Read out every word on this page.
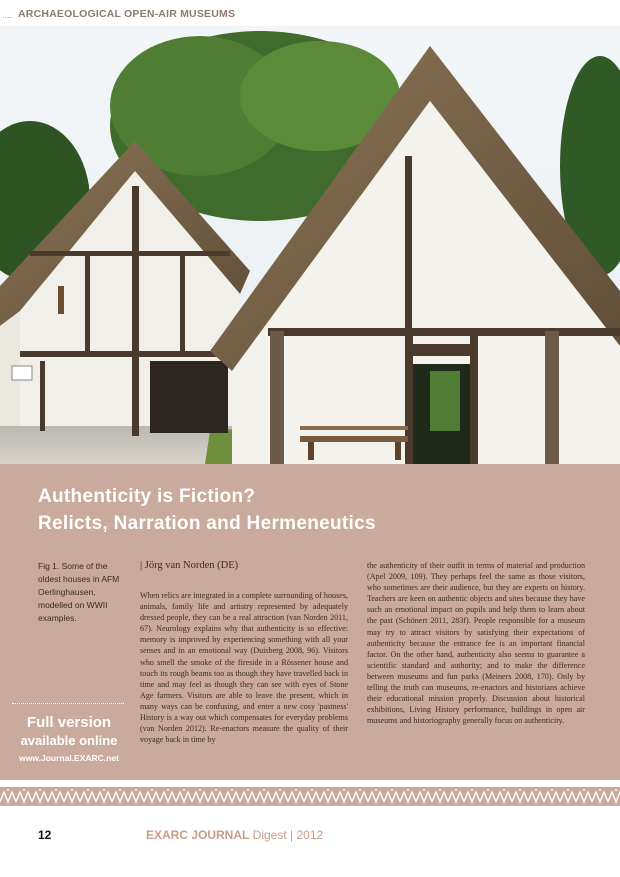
.... ARCHAEOLOGICAL OPEN-AIR MUSEUMS
Authenticity is Fiction?
Relicts, Narration and Hermeneutics
Fig 1. Some of the oldest houses in AFM Oerlinghausen, modelled on WWII examples.
Full version
available online
www.Journal.EXARC.net
| Jörg van Norden (DE)
When relics are integrated in a complete surrounding of houses, animals, family life and artistry represented by adequately dressed people, they can be a real attraction (van Norden 2011, 67). Neurology explains why that authenticity is so effective: memory is improved by experiencing something with all your senses and in an emotional way (Duisberg 2008, 96). Visitors who smell the smoke of the fireside in a Rössener house and touch its rough beams too as though they have travelled back in time and may feel as though they can see with eyes of Stone Age farmers. Visitors are able to leave the present, which in many ways can be confusing, and enter a new cosy 'pastness' History is a way out which compensates for everyday problems (van Norden 2012). Re-enactors measure the quality of their voyage back in time by
the authenticity of their outfit in terms of material and production (Apel 2009, 109). They perhaps feel the same as those visitors, who sometimes are their audience, but they are experts on history. Teachers are keen on authentic objects and sites because they have such an emotional impact on pupils and help them to learn about the past (Schönert 2011, 283f). People responsible for a museum may try to attract visitors by satisfying their expectations of authenticity because the entrance fee is an important financial factor. On the other hand, authenticity also seems to guarantee a scientific standard and authority; and to make the difference between museums and fun parks (Meiners 2008, 170). Only by telling the truth can museums, re-enactors and historians achieve their educational mission properly. Discussion about historical exhibitions, Living History performance, buildings in open air museums and historiography generally focus on authenticity.
12	EXARC JOURNAL Digest | 2012
